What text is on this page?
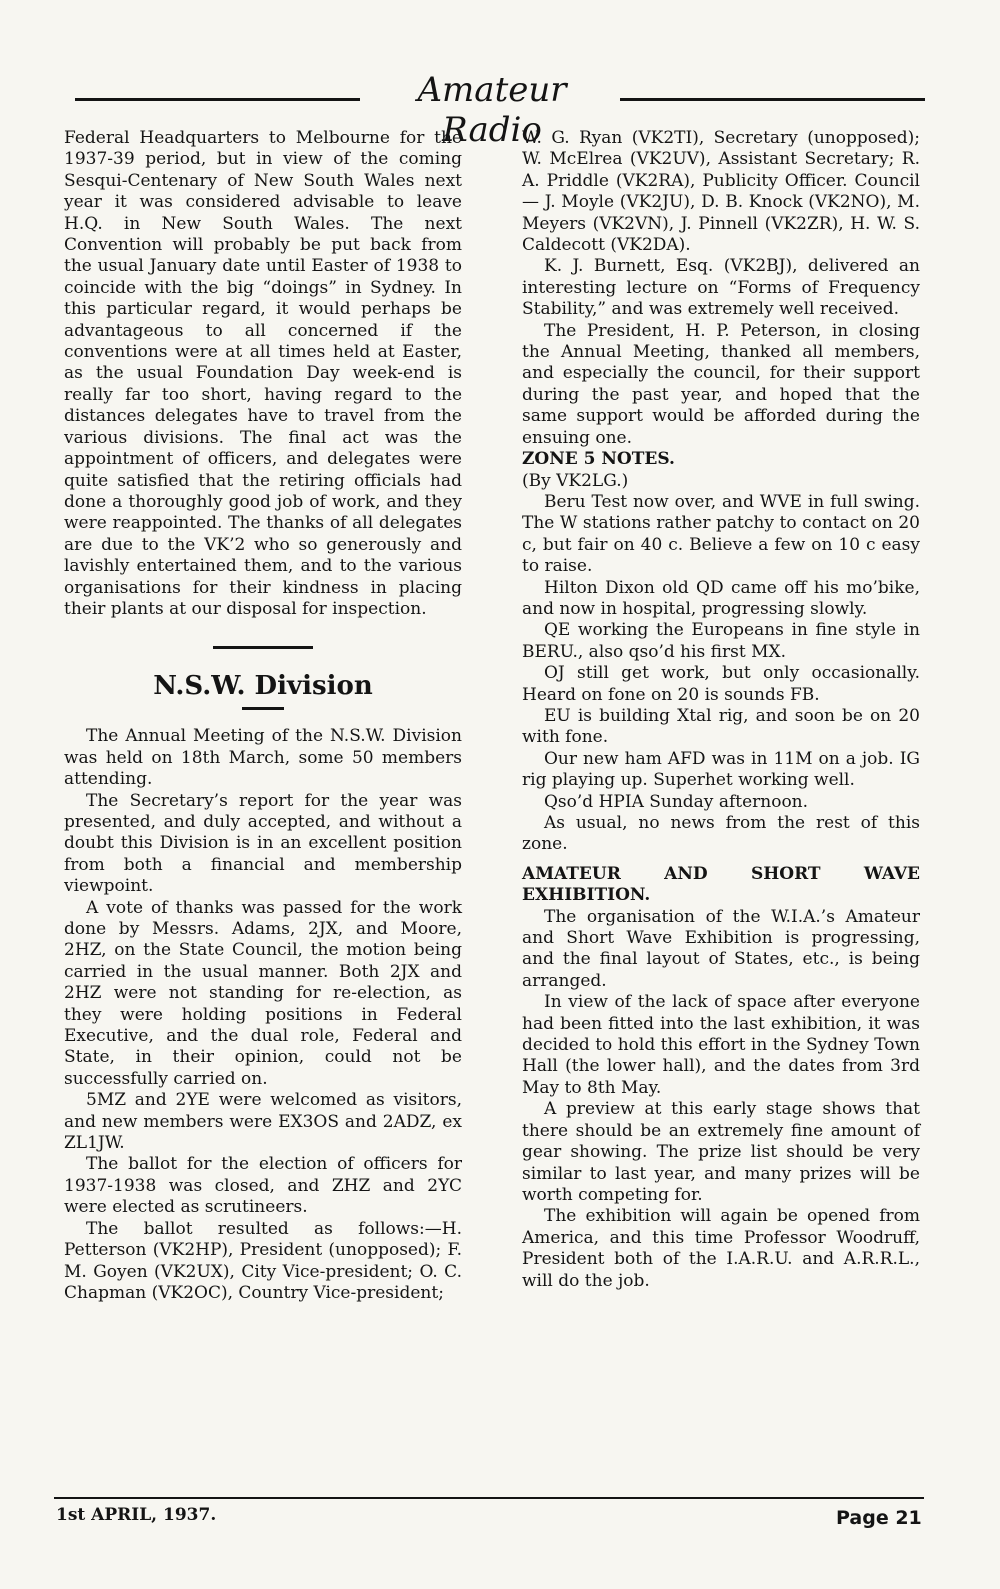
Amateur Radio

Federal Headquarters to Melbourne for the 1937-39 period, but in view of the coming Sesqui-Centenary of New South Wales next year it was considered advisable to leave H.Q. in New South Wales. The next Convention will probably be put back from the usual January date until Easter of 1938 to coincide with the big “doings” in Sydney. In this particular regard, it would perhaps be advantageous to all concerned if the conventions were at all times held at Easter, as the usual Foundation Day week-end is really far too short, having regard to the distances delegates have to travel from the various divisions. The final act was the appointment of officers, and delegates were quite satisfied that the retiring officials had done a thoroughly good job of work, and they were reappointed. The thanks of all delegates are due to the VK’2 who so generously and lavishly entertained them, and to the various organisations for their kindness in placing their plants at our disposal for inspection.

N.S.W. Division

The Annual Meeting of the N.S.W. Division was held on 18th March, some 50 members attending.

The Secretary’s report for the year was presented, and duly accepted, and without a doubt this Division is in an excellent position from both a financial and membership viewpoint.

A vote of thanks was passed for the work done by Messrs. Adams, 2JX, and Moore, 2HZ, on the State Council, the motion being carried in the usual manner. Both 2JX and 2HZ were not standing for re-election, as they were holding positions in Federal Executive, and the dual role, Federal and State, in their opinion, could not be successfully carried on.

5MZ and 2YE were welcomed as visitors, and new members were EX3OS and 2ADZ, ex ZL1JW.

The ballot for the election of officers for 1937-1938 was closed, and ZHZ and 2YC were elected as scrutineers.

The ballot resulted as follows:—H. Petterson (VK2HP), President (unopposed); F. M. Goyen (VK2UX), City Vice-president; O. C. Chapman (VK2OC), Country Vice-president;

W. G. Ryan (VK2TI), Secretary (unopposed); W. McElrea (VK2UV), Assistant Secretary; R. A. Priddle (VK2RA), Publicity Officer. Council— J. Moyle (VK2JU), D. B. Knock (VK2NO), M. Meyers (VK2VN), J. Pinnell (VK2ZR), H. W. S. Caldecott (VK2DA).

K. J. Burnett, Esq. (VK2BJ), delivered an interesting lecture on “Forms of Frequency Stability,” and was extremely well received.

The President, H. P. Peterson, in closing the Annual Meeting, thanked all members, and especially the council, for their support during the past year, and hoped that the same support would be afforded during the ensuing one.

ZONE 5 NOTES.

(By VK2LG.)

Beru Test now over, and WVE in full swing. The W stations rather patchy to contact on 20 c, but fair on 40 c. Believe a few on 10 c easy to raise.

Hilton Dixon old QD came off his mo’bike, and now in hospital, progressing slowly.

QE working the Europeans in fine style in BERU., also qso’d his first MX.

OJ still get work, but only occasionally. Heard on fone on 20 is sounds FB.

EU is building Xtal rig, and soon be on 20 with fone.

Our new ham AFD was in 11M on a job. IG rig playing up. Superhet working well.

Qso’d HPIA Sunday afternoon.

As usual, no news from the rest of this zone.

AMATEUR AND SHORT WAVE EXHIBITION.

The organisation of the W.I.A.’s Amateur and Short Wave Exhibition is progressing, and the final layout of States, etc., is being arranged.

In view of the lack of space after everyone had been fitted into the last exhibition, it was decided to hold this effort in the Sydney Town Hall (the lower hall), and the dates from 3rd May to 8th May.

A preview at this early stage shows that there should be an extremely fine amount of gear showing. The prize list should be very similar to last year, and many prizes will be worth competing for.

The exhibition will again be opened from America, and this time Professor Woodruff, President both of the I.A.R.U. and A.R.R.L., will do the job.

1st APRIL, 1937.	Page 21
